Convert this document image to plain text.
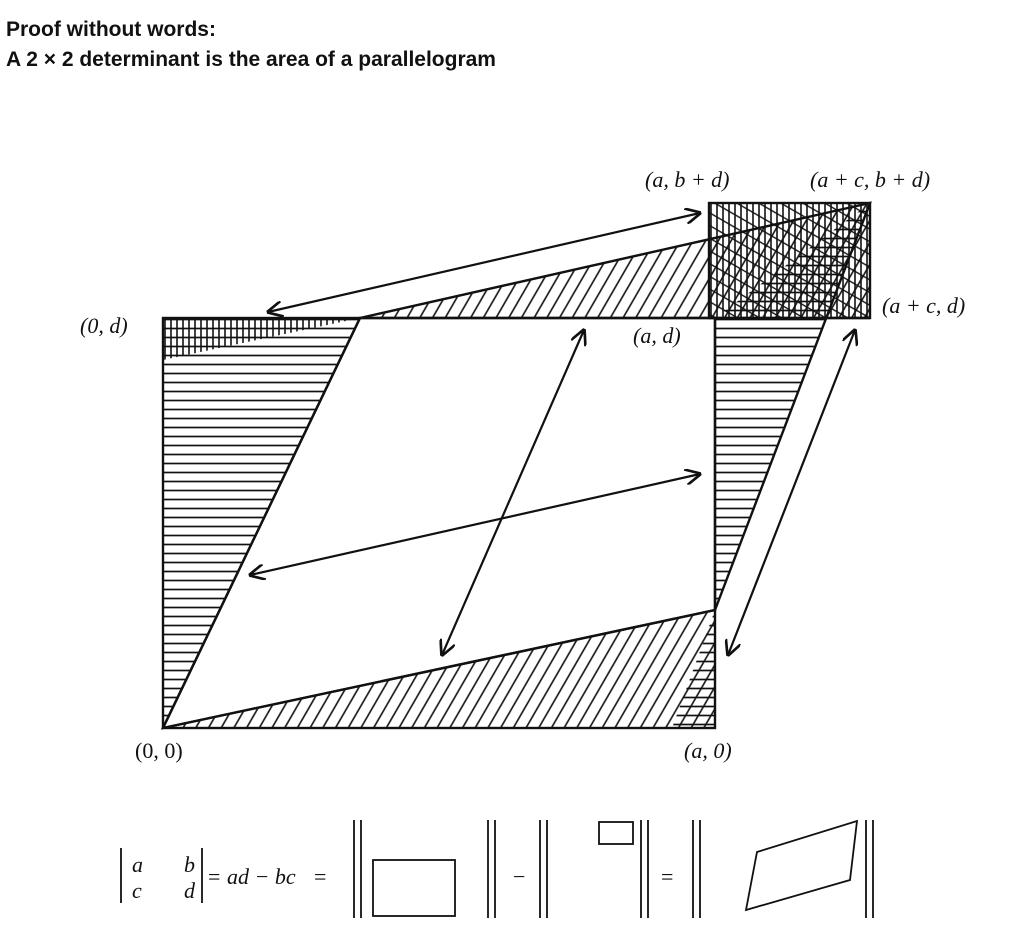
Proof without words:
A 2 × 2 determinant is the area of a parallelogram
(0, 0)	(a, 0)
(0, d)	(a, d)
(a, b + d)	(a + c, b + d)
(a + c, d)
a b
c d
= ad − bc =	−	=
